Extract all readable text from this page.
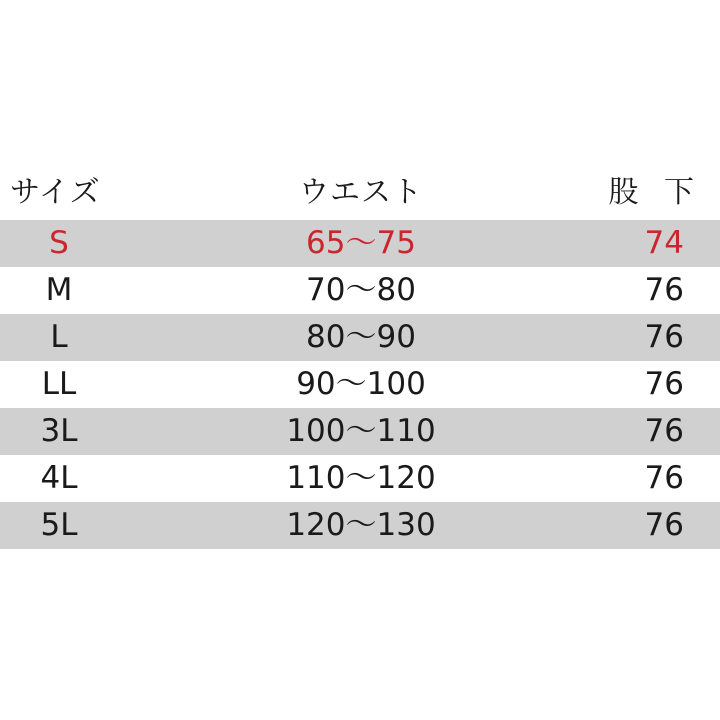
サイズ	ウエスト	股 下
S	65〜75	74
M	70〜80	76
L	80〜90	76
LL	90〜100	76
3L	100〜110	76
4L	110〜120	76
5L	120〜130	76
